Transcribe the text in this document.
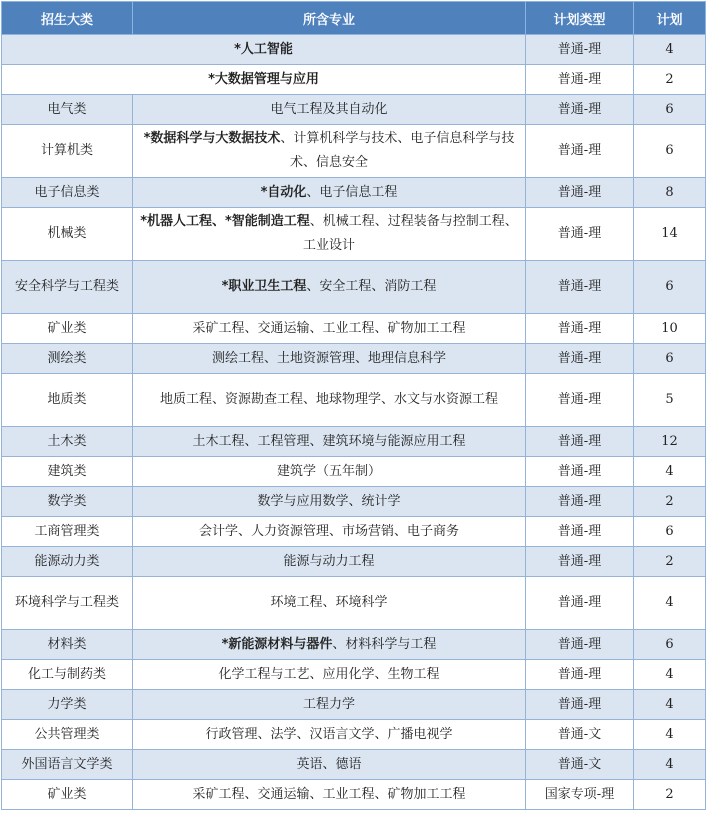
招生大类	所含专业	计划类型	计划
*人工智能		普通-理	4
*大数据管理与应用		普通-理	2
电气类	电气工程及其自动化	普通-理	6
计算机类	*数据科学与大数据技术、计算机科学与技术、电子信息科学与技术、信息安全	普通-理	6
电子信息类	*自动化、电子信息工程	普通-理	8
机械类	*机器人工程、*智能制造工程、机械工程、过程装备与控制工程、工业设计	普通-理	14
安全科学与工程类	*职业卫生工程、安全工程、消防工程	普通-理	6
矿业类	采矿工程、交通运输、工业工程、矿物加工工程	普通-理	10
测绘类	测绘工程、土地资源管理、地理信息科学	普通-理	6
地质类	地质工程、资源勘查工程、地球物理学、水文与水资源工程	普通-理	5
土木类	土木工程、工程管理、建筑环境与能源应用工程	普通-理	12
建筑类	建筑学（五年制）	普通-理	4
数学类	数学与应用数学、统计学	普通-理	2
工商管理类	会计学、人力资源管理、市场营销、电子商务	普通-理	6
能源动力类	能源与动力工程	普通-理	2
环境科学与工程类	环境工程、环境科学	普通-理	4
材料类	*新能源材料与器件、材料科学与工程	普通-理	6
化工与制药类	化学工程与工艺、应用化学、生物工程	普通-理	4
力学类	工程力学	普通-理	4
公共管理类	行政管理、法学、汉语言文学、广播电视学	普通-文	4
外国语言文学类	英语、德语	普通-文	4
矿业类	采矿工程、交通运输、工业工程、矿物加工工程	国家专项-理	2
